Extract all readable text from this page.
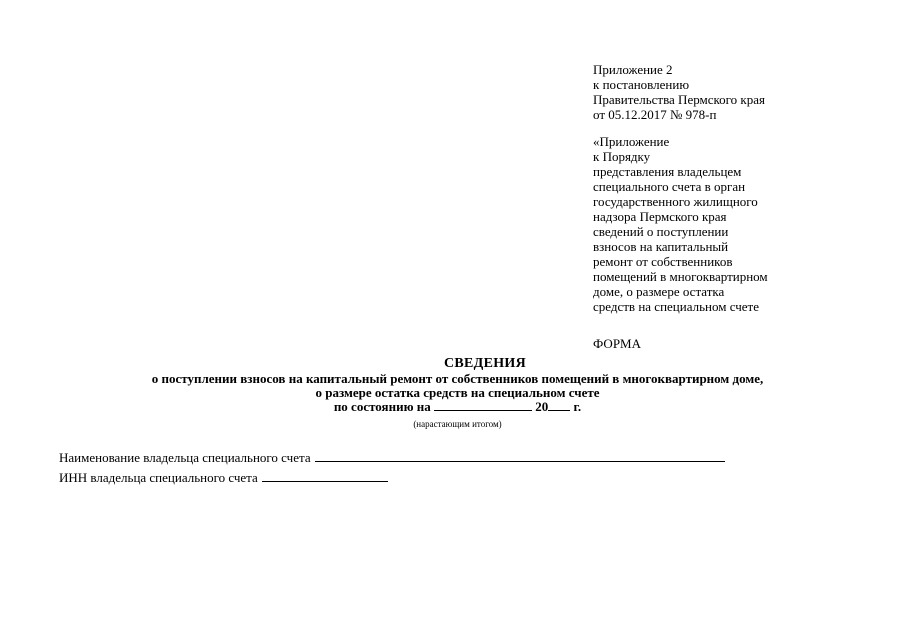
Приложение 2
к постановлению
Правительства Пермского края
от 05.12.2017 № 978-п
«Приложение
к Порядку
представления владельцем
специального счета в орган
государственного жилищного
надзора Пермского края
сведений о поступлении
взносов на капитальный
ремонт от собственников
помещений в многоквартирном
доме, о размере остатка
средств на специальном счете
ФОРМА
СВЕДЕНИЯ
о поступлении взносов на капитальный ремонт от собственников помещений в многоквартирном доме,
о размере остатка средств на специальном счете
по состоянию на	20 г.
(нарастающим итогом)
Наименование владельца специального счета
ИНН владельца специального счета
